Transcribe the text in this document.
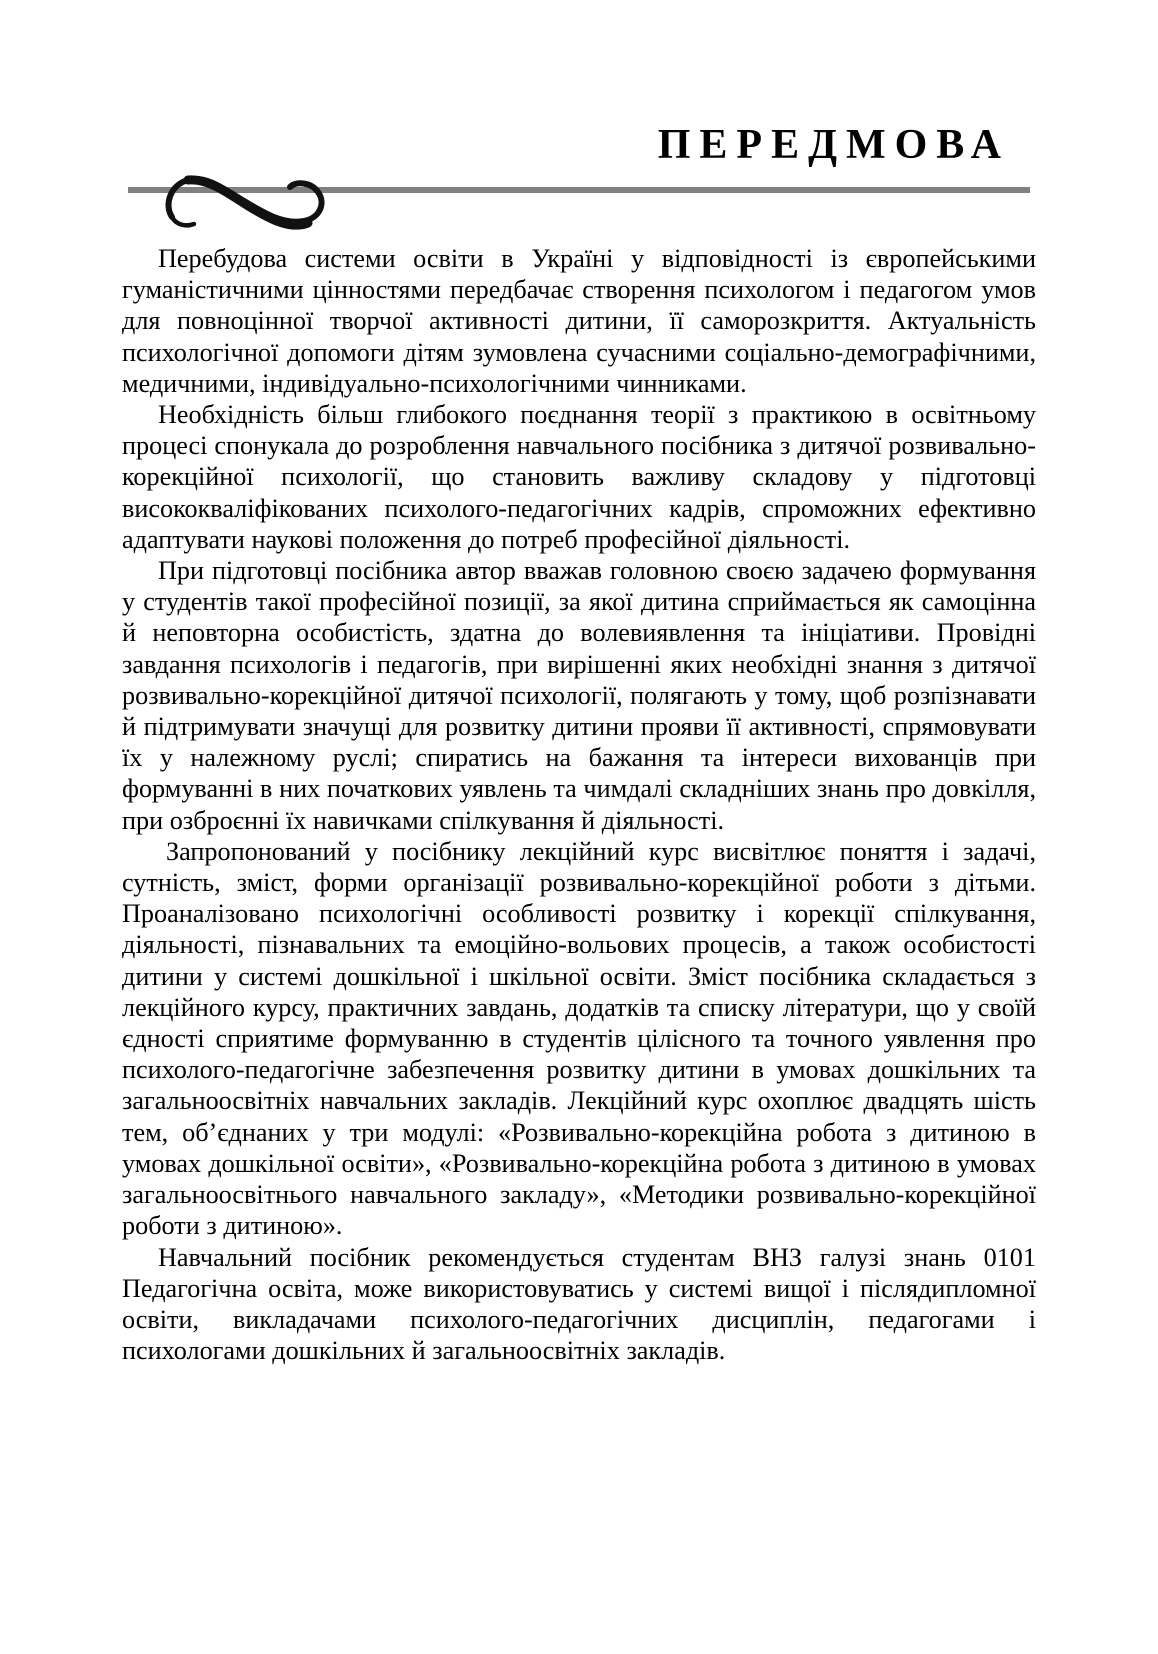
ПЕРЕДМОВА

Перебудова системи освіти в Україні у відповідності із європейськими гуманістичними цінностями передбачає створення психологом і педагогом умов для повноцінної творчої активності дитини, її саморозкриття. Актуальність психологічної допомоги дітям зумовлена сучасними соціально-демографічними, медичними, індивідуально-психологічними чинниками.

Необхідність більш глибокого поєднання теорії з практикою в освітньому процесі спонукала до розроблення навчального посібника з дитячої розвивально-корекційної психології, що становить важливу складову у підготовці висококваліфікованих психолого-педагогічних кадрів, спроможних ефективно адаптувати наукові положення до потреб професійної діяльності.

При підготовці посібника автор вважав головною своєю задачею формування у студентів такої професійної позиції, за якої дитина сприймається як самоцінна й неповторна особистість, здатна до волевиявлення та ініціативи. Провідні завдання психологів і педагогів, при вирішенні яких необхідні знання з дитячої розвивально-корекційної дитячої психології, полягають у тому, щоб розпізнавати й підтримувати значущі для розвитку дитини прояви її активності, спрямовувати їх у належному руслі; спиратись на бажання та інтереси вихованців при формуванні в них початкових уявлень та чимдалі складніших знань про довкілля, при озброєнні їх навичками спілкування й діяльності.

Запропонований у посібнику лекційний курс висвітлює поняття і задачі, сутність, зміст, форми організації розвивально-корекційної роботи з дітьми. Проаналізовано психологічні особливості розвитку і корекції спілкування, діяльності, пізнавальних та емоційно-вольових процесів, а також особистості дитини у системі дошкільної і шкільної освіти. Зміст посібника складається з лекційного курсу, практичних завдань, додатків та списку літератури, що у своїй єдності сприятиме формуванню в студентів цілісного та точного уявлення про психолого-педагогічне забезпечення розвитку дитини в умовах дошкільних та загальноосвітніх навчальних закладів. Лекційний курс охоплює двадцять шість тем, об’єднаних у три модулі: «Розвивально-корекційна робота з дитиною в умовах дошкільної освіти», «Розвивально-корекційна робота з дитиною в умовах загальноосвітнього навчального закладу», «Методики розвивально-корекційної роботи з дитиною».

Навчальний посібник рекомендується студентам ВНЗ галузі знань 0101 Педагогічна освіта, може використовуватись у системі вищої і післядипломної освіти, викладачами психолого-педагогічних дисциплін, педагогами і психологами дошкільних й загальноосвітніх закладів.
